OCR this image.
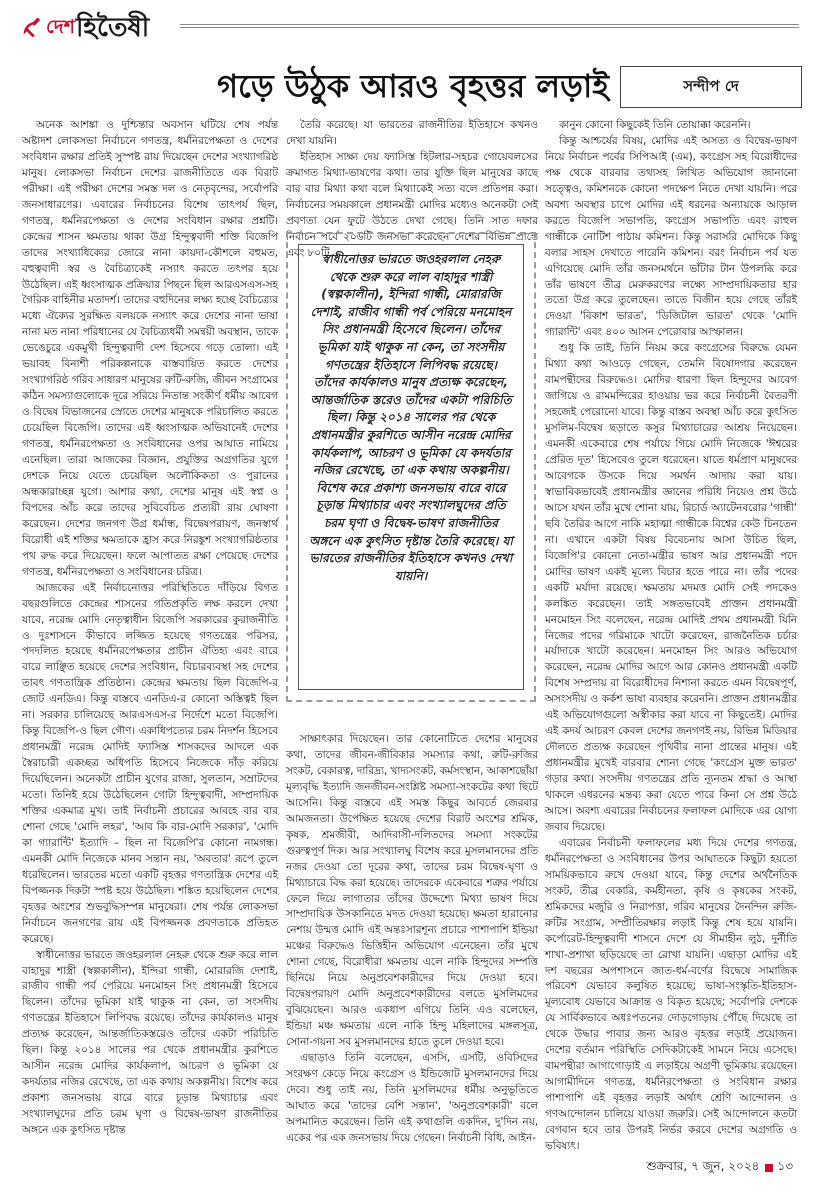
দেশ হিতৈষী
গড়ে উঠুক আরও বৃহত্তর লড়াই	সন্দীপ দে

অনেক আশঙ্কা ও দুশ্চিন্তার অবসান ঘটিয়ে শেষ পর্যন্ত অষ্টাদশ লোকসভা নির্বাচনে গণতন্ত্র, ধর্মনিরপেক্ষতা ও দেশের সংবিধান রক্ষার প্রতিই সুস্পষ্ট রায় দিয়েছেন দেশের সংখ্যাগরিষ্ঠ মানুষ। লোকসভা নির্বাচন দেশের রাজনীতিতে এক বিরাট পরীক্ষা। এই পরীক্ষা দেশের সমস্ত দল ও নেতৃবৃন্দের, সর্বোপরি জনসাধারণের। এবারের নির্বাচনের বিশেষ তাৎপর্য ছিল, গণতন্ত্র, ধর্মনিরপেক্ষতা ও দেশের সংবিধান রক্ষার প্রশ্নটি। কেন্দ্রের শাসন ক্ষমতায় থাকা উগ্র হিন্দুত্ববাদী শক্তি বিজেপি তাদের সংখ্যাধিক্যের জোরে নানা কায়দা-কৌশলে বহুমত, বহুত্ববাদী স্বর ও বৈচিত্র্যকেই নস্যাৎ করতে তৎপর হয়ে উঠেছিল। এই ধ্বংসাত্মক প্রক্রিয়ার পিছনে ছিল আরএসএস-সহ গৈরিক বাহিনীর মতাদর্শ। তাদের বহুদিনের লক্ষ্য হচ্ছে বৈচিত্র্যের মধ্যে ঐক্যের সুরক্ষিত বলয়কে নস্যাৎ করে দেশের নানা ভাষা নানা মত নানা পরিধানের যে বৈচিত্র্যধর্মী সমন্বয়ী অবস্থান, তাকে ভেঙেচুরে একমুখী হিন্দুত্ববাদী দেশ হিসেবে গড়ে তোলা। এই ভয়াবহ বিনাশী পরিকল্পনাকে বাস্তবায়িত করতে দেশের সংখ্যাগরিষ্ঠ গরিব সাধারণ মানুষের রুটি-রুজি, জীবন সংগ্রামের কঠিন সমস্যাগুলোকে দূরে সরিয়ে নিতান্ত সংকীর্ণ ধর্মীয় আবেগ ও বিদ্বেষ বিভাজনের স্রোতে দেশের মানুষকে পরিচালিত করতে চেয়েছিল বিজেপি। তাদের এই ধ্বংসাত্মক অভিযানেই দেশের গণতন্ত্র, ধর্মনিরপেক্ষতা ও সংবিধানের ওপর আঘাত নামিয়ে এনেছিল। তারা আজকের বিজ্ঞান, প্রযুক্তির অগ্রগতির যুগে দেশকে নিয়ে যেতে চেয়েছিল অলৌকিকতা ও পুরানের অন্ধকারাচ্ছন্ন যুগে। আশার কথা, দেশের মানুষ এই স্বপ্ন ও বিপদের আঁচ করে তাদের সুবিবেচিত প্রত্যয়ী রায় ঘোষণা করেছেন। দেশের জনগণ উগ্র ধর্মান্ধ, বিদ্বেষপরায়ণ, জনস্বার্থ বিরোধী এই শক্তির ক্ষমতাকে হ্রাস করে নিরঙ্কুশ সংখ্যাগরিষ্ঠতার পথ রুদ্ধ করে দিয়েছেন। ফলে আপাতত রক্ষা পেয়েছে দেশের গণতন্ত্র, ধর্মনিরপেক্ষতা ও সংবিধানের চরিত্র।

আজকের এই নির্বাচনোত্তর পরিস্থিতিতে দাঁড়িয়ে বিগত বছরগুলিতে কেন্দ্রের শাসনের গতিপ্রকৃতি লক্ষ করলে দেখা যাবে, নরেন্দ্র মোদি নেতৃত্বাধীন বিজেপি সরকারের কুরাজনীতি ও দুঃশাসনে কীভাবে লজ্জিত হয়েছে গণতন্ত্রের পরিসর, পদদলিত হয়েছে ধর্মনিরপেক্ষতার প্রাচীন ঐতিহ্য এবং বারে বারে লাঞ্ছিত হয়েছে দেশের সংবিধান, বিচারব্যবস্থা সহ দেশের তাবৎ গণতান্ত্রিক প্রতিষ্ঠান। কেন্দ্রের ক্ষমতায় ছিল বিজেপি-র জোট এনডিএ। কিন্তু বাস্তবে এনডিএ-র কোনো অস্তিত্বই ছিল না। সরকার চালিয়েছে আরএসএস-র নির্দেশে মতো বিজেপি। কিন্তু বিজেপি-ও ছিল গৌণ। একাধিপত্যের চরম নিদর্শন হিসেবে প্রধানমন্ত্রী নরেন্দ্র মোদিই ফ্যাসিস্ত শাসকদের আদলে এক স্বৈরাচারী একচ্ছত্র অধিপতি হিসেবে নিজেকে দাঁড় করিয়ে দিয়েছিলেন। অনেকটা প্রাচীন যুগের রাজা, সুলতান, সম্রাটদের মতো। তিনিই হয়ে উঠেছিলেন গোটা হিন্দুত্ববাদী, সাম্প্রদায়িক শক্তির একমাত্র মুখ। তাই নির্বাচনী প্রচারের আবহে বার বার শোনা গেছে 'মোদি লহর', 'আব কি বার-মোদি সরকার', 'মোদি কা গ্যারান্টি' ইত্যাদি – ছিল না বিজেপি'র কোনো নামগন্ধ। এমনকী মোদি নিজেকে মানব সন্তান নয়, 'অবতার' রূপে তুলে ধরেছিলেন। ভারতের মতো একটি বৃহত্তর গণতান্ত্রিক দেশের এই বিপজ্জনক দিকটা স্পষ্ট হয়ে উঠেছিল। শঙ্কিত হয়েছিলেন দেশের বৃহত্তর অংশের শুভবুদ্ধিসম্পন্ন মানুষেরা। শেষ পর্যন্ত লোকসভা নির্বাচনে জনগণের রায় এই বিপজ্জনক প্রবণতাকে প্রতিহত করেছে।

স্বাধীনোত্তর ভারতে জওহরলাল নেহরু থেকে শুরু করে লাল বাহাদুর শাস্ত্রী (স্বল্পকালীন), ইন্দিরা গান্ধী, মোরারজি দেশাই, রাজীব গান্ধী পর্ব পেরিয়ে মনমোহন সিং প্রধানমন্ত্রী হিসেবে ছিলেন। তাঁদের ভূমিকা যাই থাকুক না কেন, তা সংসদীয় গণতন্ত্রের ইতিহাসে লিপিবদ্ধ রয়েছে। তাঁদের কার্যকালও মানুষ প্রত্যক্ষ করেছেন, আন্তর্জাতিকস্তরেও তাঁদের একটা পরিচিতি ছিল। কিন্তু ২০১৪ সালের পর থেকে প্রধানমন্ত্রীর কুরশিতে আসীন নরেন্দ্র মোদির কার্যকলাপ, আচরণ ও ভূমিকা যে কদর্যতার নজির রেখেছে, তা এক কথায় অকল্পনীয়। বিশেষ করে প্রকাশ্য জনসভায় বারে বারে চূড়ান্ত মিথ্যাচার এবং সংখ্যালঘুদের প্রতি চরম ঘৃণা ও বিদ্বেষ-ভাষণ রাজনীতির অঙ্গনে এক কুৎসিত দৃষ্টান্ত

তৈরি করেছে। যা ভারতের রাজনীতির ইতিহাসে কখনও দেখা যায়নি।

ইতিহাস সাক্ষ্য দেয় ফ্যাসিস্ত হিটলার-সহচর গোয়েবলসের ক্রমাগত মিথ্যা-ভাষণের কথা। তার যুক্তি ছিল মানুষের কাছে বার বার মিথ্যা কথা বলে মিথ্যাকেই সত্য বলে প্রতিপন্ন করা। নির্বাচনের সময়কালে প্রধানমন্ত্রী মোদির মধ্যেও অনেকটা সেই প্রবণতা যেন ফুটে উঠতে দেখা গেছে। তিনি সাত দফার নির্বাচন পর্বে ২০৬টি জনসভা করেছেন দেশের বিভিন্ন প্রান্তে এবং ৮০টি

স্বাধীনোত্তর ভারতে জওহরলাল নেহরু থেকে শুরু করে লাল বাহাদুর শাস্ত্রী (স্বল্পকালীন), ইন্দিরা গান্ধী, মোরারজি দেশাই, রাজীব গান্ধী পর্ব পেরিয়ে মনমোহন সিং প্রধানমন্ত্রী হিসেবে ছিলেন। তাঁদের ভূমিকা যাই থাকুক না কেন, তা সংসদীয় গণতন্ত্রের ইতিহাসে লিপিবদ্ধ রয়েছে। তাঁদের কার্যকালও মানুষ প্রত্যক্ষ করেছেন, আন্তর্জাতিক স্তরেও তাঁদের একটা পরিচিতি ছিল। কিন্তু ২০১৪ সালের পর থেকে প্রধানমন্ত্রীর কুরশিতে আসীন নরেন্দ্র মোদির কার্যকলাপ, আচরণ ও ভূমিকা যে কদর্যতার নজির রেখেছে, তা এক কথায় অকল্পনীয়। বিশেষ করে প্রকাশ্য জনসভায় বারে বারে চূড়ান্ত মিথ্যাচার এবং সংখ্যালঘুদের প্রতি চরম ঘৃণা ও বিদ্বেষ-ভাষণ রাজনীতির অঙ্গনে এক কুৎসিত দৃষ্টান্ত তৈরি করেছে। যা ভারতের রাজনীতির ইতিহাসে কখনও দেখা যায়নি।

সাক্ষাৎকার দিয়েছেন। তার কোনোটিতে দেশের মানুষের কথা, তাদের জীবন-জীবিকার সমস্যার কথা, রুটি-রুজির সংকট, বেকারত্ব, দারিদ্র্য, খাদ্যসংকট, কর্মসংস্থান, আকাশছোঁয়া মূল্যবৃদ্ধি ইত্যাদি জনজীবন-সংশ্লিষ্ট সমস্যা-সংকটের কথা ছিটে আসেনি। কিন্তু বাস্তবে এই সমস্ত কিছুর আবর্তে জেরবার আমজনতা। উপেক্ষিত হয়েছে দেশের বিরাট অংশের শ্রমিক, কৃষক, শ্রমজীবী, আদিবাসী-দলিতদের সমস্যা সংকটের গুরুত্বপূর্ণ দিক। আর সংখ্যালঘু বিশেষ করে মুসলমানদের প্রতি নজর দেওয়া তো দূরের কথা, তাদের চরম বিদ্বেষ-ঘৃণা ও মিথ্যাচারে বিদ্ধ করা হয়েছে। তাদেরকে একেবারে শত্রুর পর্যায়ে ফেলে দিয়ে লাগাতার তাঁদের উদ্দেশ্যে মিথ্যা ভাষণ দিয়ে সাম্প্রদায়িক উসকানিতে মদত দেওয়া হয়েছে। ক্ষমতা হারানোর নেশায় উন্মত্ত মোদি এই অন্তঃসারশূন্য প্রচারে পাশাপাশি ইন্ডিয়া মঞ্চের বিরুদ্ধেও ভিত্তিহীন অভিযোগ এনেছেন। তাঁর মুখে শোনা গেছে, বিরোধীরা ক্ষমতায় এলে নাকি হিন্দুদের সম্পত্তি ছিনিয়ে নিয়ে অনুপ্রবেশকারীদের দিয়ে দেওয়া হবে। বিদ্বেষপরায়ণ মোদি অনুপ্রবেশকারীদের বলতে মুসলিমদের বুঝিয়েছেন। আরও একধাপ এগিয়ে তিনি এও বলেছেন, ইন্ডিয়া মঞ্চ ক্ষমতায় এলে নাকি হিন্দু মহিলাদের মঙ্গলসূত্র, সোনা-গয়না সব মুসলমানদের হাতে তুলে দেওয়া হবে।

এছাড়াও তিনি বলেছেন, এসসি, এসটি, ওবিসিদের সংরক্ষণ কেড়ে নিয়ে কংগ্রেস ও ইন্ডিজোট মুসলমানদের দিয়ে দেবে। শুধু তাই নয়, তিনি মুসলিমদের ধর্মীয় অনুভূতিতে আঘাত করে 'তাদের বেশি সন্তান', 'অনুপ্রবেশকারী' বলে অপমানিত করেছেন। তিনি এই কথাগুলি একদিন, দু'দিন নয়, একের পর এক জনসভায় দিয়ে গেছেন। নির্বাচনী বিধি, আইন-

কানুন কোনো কিছুকেই তিনি তোয়াক্কা করেননি।

কিন্তু আশ্চর্যের বিষয়, মোদির এই অসত্য ও বিদ্বেষ-ভাষণ নিয়ে নির্বাচন পর্বের সিপিআই (এম), কংগ্রেস সহ বিরোধীদের পক্ষ থেকে বারবার তথ্যসহ লিখিত অভিযোগ জানানো সত্ত্বেও, কমিশনকে কোনো পদক্ষেপ নিতে দেখা যায়নি। পরে অবশ্য অবস্থার চাপে মোদির এই ধরনের অন্যায়কে আড়াল করতে বিজেপি সভাপতি, কংগ্রেস সভাপতি এবং রাহুল গান্ধীকে নোটিশ পাঠায় কমিশন। কিন্তু সরাসরি মোদিকে কিছু বলার সাহস দেখাতে পারেনি কমিশন। বরং নির্বাচন পর্ব যত এগিয়েছে মোদি তাঁর জনসমর্থনে ভাঁটার টান উপলব্ধি করে তাঁর ভাষণে তীব্র মেরুকরণের লক্ষ্যে সাম্প্রদায়িকতার হার ততো উগ্র করে তুলেছেন। তাতে বিজীন হয়ে গেছে তাঁরই দেওয়া 'বিকাশ ভারত', 'ডিজিটাল ভারত' থেকে 'মোদি গ্যারান্টি' এবং ৪০০ আসন পেরোবার আস্ফালন।

শুধু কি তাই, তিনি নিয়ম করে কংগ্রেসের বিরুদ্ধে যেমন মিথ্যা কথা আওড়ে গেছেন, তেমনি বিষোদগার করেছেন বামপন্থীদের বিরুদ্ধেও। মোদির ধারণা ছিল হিন্দুদের আবেগ জাগিয়ে ও রামমন্দিরের হাওয়ায় ভর করে নির্বাচনী বৈতরণী সহজেই পেরোনো যাবে। কিন্তু বাস্তব অবস্থা আঁচ করে কুৎসিত মুসলিম-বিদ্বেষ ছড়াতে কসুর মিথ্যাচারের আশ্রয় নিয়েছেন। এমনকী একেবারে শেষ পর্যায়ে গিয়ে মোদি নিজেকে 'ঈশ্বরের প্রেরিত দূত' হিসেবেও তুলে ধরেছেন। যাতে ধর্মপ্রাণ মানুষদের আবেগকে উসকে দিয়ে সমর্থন আদায় করা যায়। স্বাভাবিকভাবেই প্রধানমন্ত্রীর জ্ঞানের পরিধি নিয়েও প্রশ্ন উঠে আসে যখন তাঁর মুখে শোনা যায়, রিচার্ড অ্যাটেনবরোর 'গান্ধী' ছবি তৈরির আগে নাকি মহাত্মা গান্ধীকে বিশ্বের কেউ চিনতেন না। এখানে একটা বিষয় বিবেচনায় আসা উচিত ছিল, বিজেপি'র কোনো নেতা-মন্ত্রীর ভাষণ আর প্রধানমন্ত্রী পদে মোদির ভাষণ একই মূল্যে বিচার হতে পারে না। তাঁর পদের একটি মর্যাদা রয়েছে। ক্ষমতায় মদমত্ত মোদি সেই পদকেও কলঙ্কিত করেছেন। তাই সঙ্গতভাবেই প্রাক্তন প্রধানমন্ত্রী মনমোহন সিং বলেছেন, নরেন্দ্র মোদিই প্রথম প্রধানমন্ত্রী যিনি নিজের পদের গরিমাকে খাটো করেছেন, রাজনৈতিক চর্চার মর্যাদাকে খাটো করেছেন। মনমোহন সিং আরও অভিযোগ করেছেন, নরেন্দ্র মোদির আগে আর কোনও প্রধানমন্ত্রী একটি বিশেষ সম্প্রদায় বা বিরোধীদের নিশানা করতে এমন বিদ্বেষপূর্ণ, অসংসদীয় ও কর্কশ ভাষা ব্যবহার করেননি। প্রাক্তন প্রধানমন্ত্রীর এই অভিযোগগুলো অস্বীকার করা যাবে না কিছুতেই। মোদির এই কদর্য আচরণ কেবল দেশের জনগণই নয়, বিভিন্ন মিডিয়ার দৌলতে প্রত্যক্ষ করেছেন পৃথিবীর নানা প্রান্তের মানুষ। এই প্রধানমন্ত্রীর মুখেই বারবার শোনা গেছে 'কংগ্রেস মুক্ত ভারত' গড়ার কথা। সংসদীয় গণতন্ত্রের প্রতি ন্যূনতম শ্রদ্ধা ও আস্থা থাকলে এধরনের মন্তব্য করা যেতে পারে কিনা সে প্রশ্ন উঠে আসে। অবশ্য এবারের নির্বাচনের ফলাফল মোদিকে এর যোগ্য জবাব দিয়েছে।

এবারের নির্বাচনী ফলাফলের মধ্য দিয়ে দেশের গণতন্ত্র, ধর্মনিরপেক্ষতা ও সংবিধানের উপর আঘাতকে কিছুটা হয়তো সাময়িকভাবে রুখে দেওয়া যাবে, কিন্তু দেশের অর্থনৈতিক সংকট, তীব্র বেকারি, কর্মহীনতা, কৃষি ও কৃষকের সংকট, শ্রমিকদের মজুরি ও নিরাপত্তা, গরিব মানুষের দৈনন্দিন রুজি-রুটির সংগ্রাম, সম্প্রীতিরক্ষার লড়াই কিন্তু শেষ হয়ে যায়নি। কর্পোরেট-হিন্দুত্ববাদী শাসনে দেশে যে সীমাহীন লুঠ, দুর্নীতি শাখা-প্রশাখা ছড়িয়েছে তা রোখা যায়নি। এছাড়া মোদির এই দশ বছরের অপশাসনে জাত-ধর্ম-বর্ণের বিদ্বেষে সামাজিক পরিবেশ যেভাবে কলুষিত হয়েছে; ভাষা-সংস্কৃতি-ইতিহাস-মূল্যবোধ যেভাবে আক্রান্ত ও বিকৃত হয়েছে; সর্বোপরি দেশকে যে সার্বিকভাবে অধঃপতনের দোড়গোড়ায় পৌঁছে দিয়েছে তা থেকে উদ্ধার পাবার জন্য আরও বৃহত্তর লড়াই প্রয়োজন। দেশের বর্তমান পরিস্থিতি সেদিকটাকেই সামনে নিয়ে এসেছে। বামপন্থীরা আগাগোড়াই এ লড়াইয়ে অগ্রণী ভূমিকায় রয়েছেন। আগামীদিনে গণতন্ত্র, ধর্মনিরপেক্ষতা ও সংবিধান রক্ষার পাশাপাশি এই বৃহত্তর লড়াই অর্থাৎ শ্রেণি আন্দোলন ও গণআন্দোলন চালিয়ে যাওয়া জরুরি। সেই আন্দোলনে কতটা বেগবান হবে তার উপরই নির্ভর করবে দেশের অগ্রগতি ও ভবিষ্যৎ।

শুক্রবার, ৭ জুন, ২০২৪ ১৩
